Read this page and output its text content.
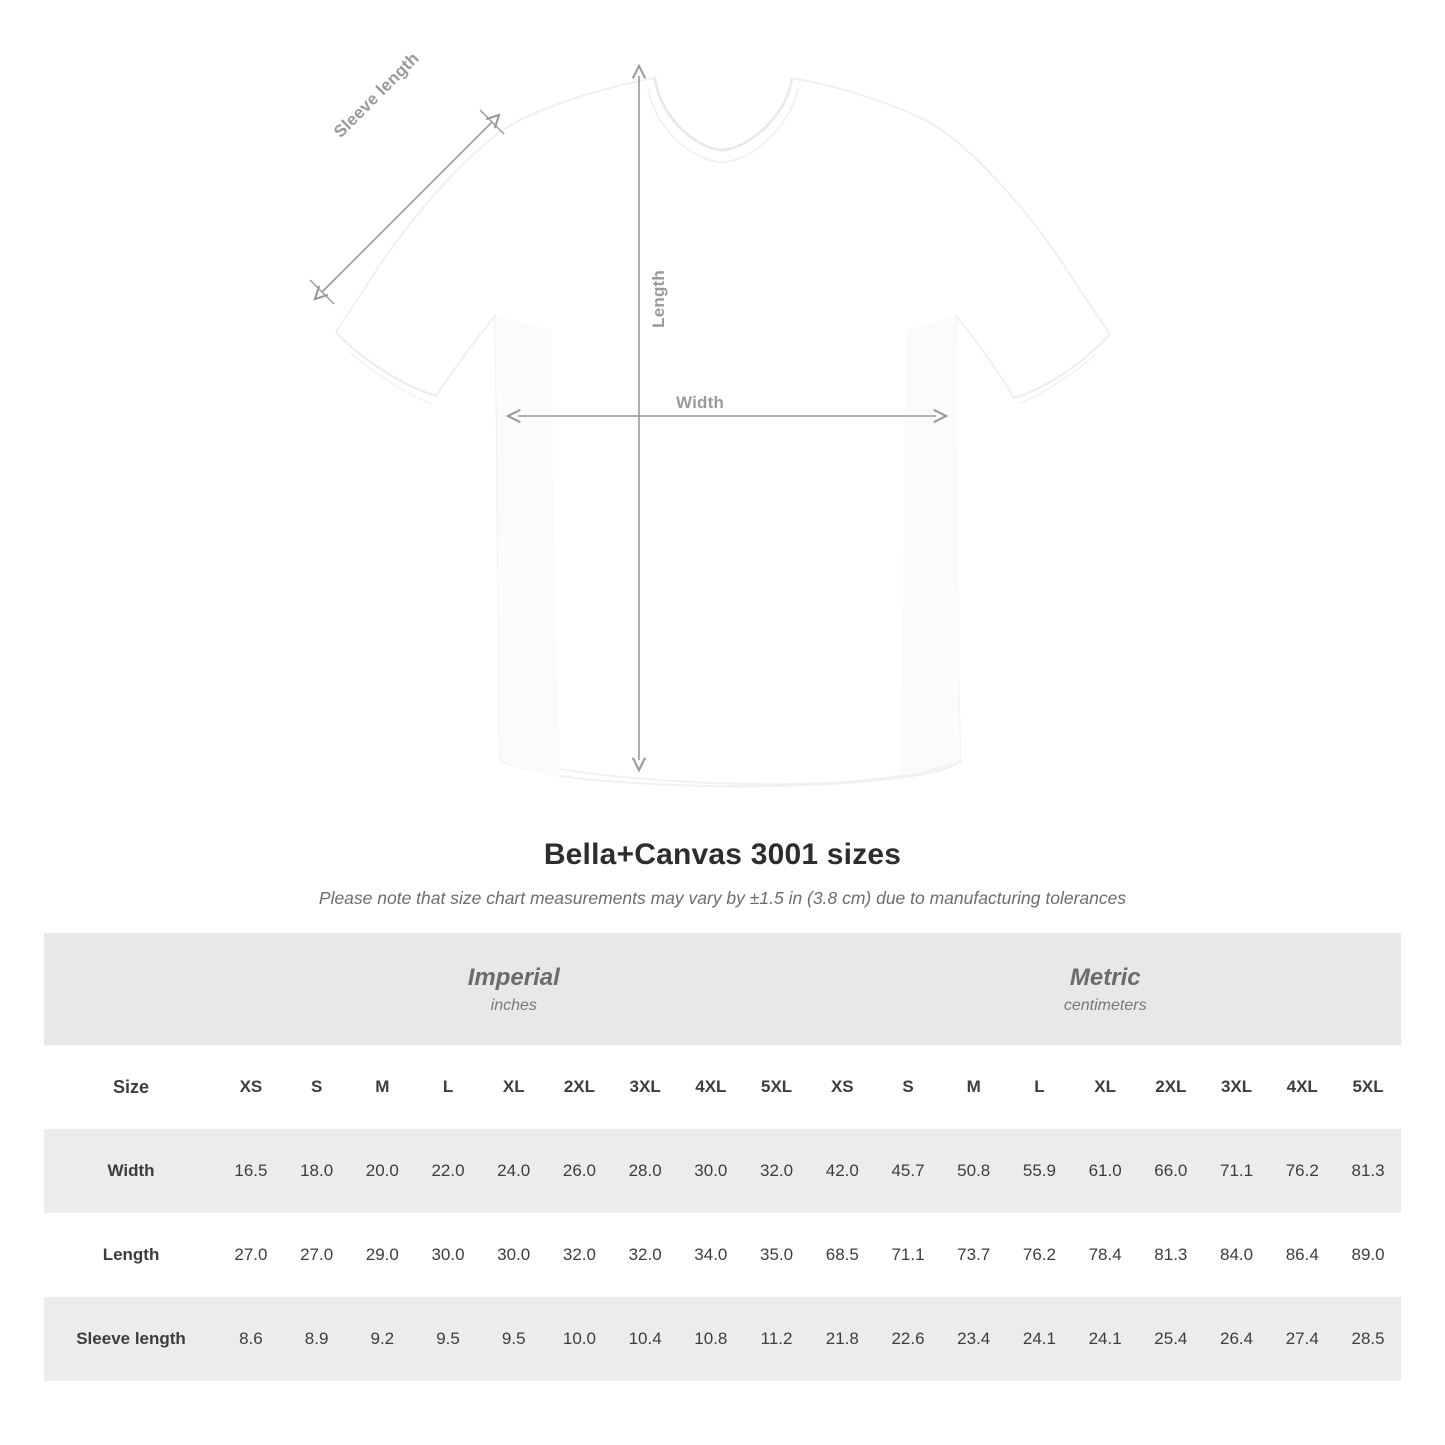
Width
Length
Sleeve length
Bella+Canvas 3001 sizes
Please note that size chart measurements may vary by ±1.5 in (3.8 cm) due to manufacturing tolerances

Imperial
inches

Metric
centimeters

Size	XS	S	M	L	XL	2XL	3XL	4XL	5XL	XS	S	M	L	XL	2XL	3XL	4XL	5XL
Width	16.5	18.0	20.0	22.0	24.0	26.0	28.0	30.0	32.0	42.0	45.7	50.8	55.9	61.0	66.0	71.1	76.2	81.3
Length	27.0	27.0	29.0	30.0	30.0	32.0	32.0	34.0	35.0	68.5	71.1	73.7	76.2	78.4	81.3	84.0	86.4	89.0
Sleeve length	8.6	8.9	9.2	9.5	9.5	10.0	10.4	10.8	11.2	21.8	22.6	23.4	24.1	24.1	25.4	26.4	27.4	28.5
